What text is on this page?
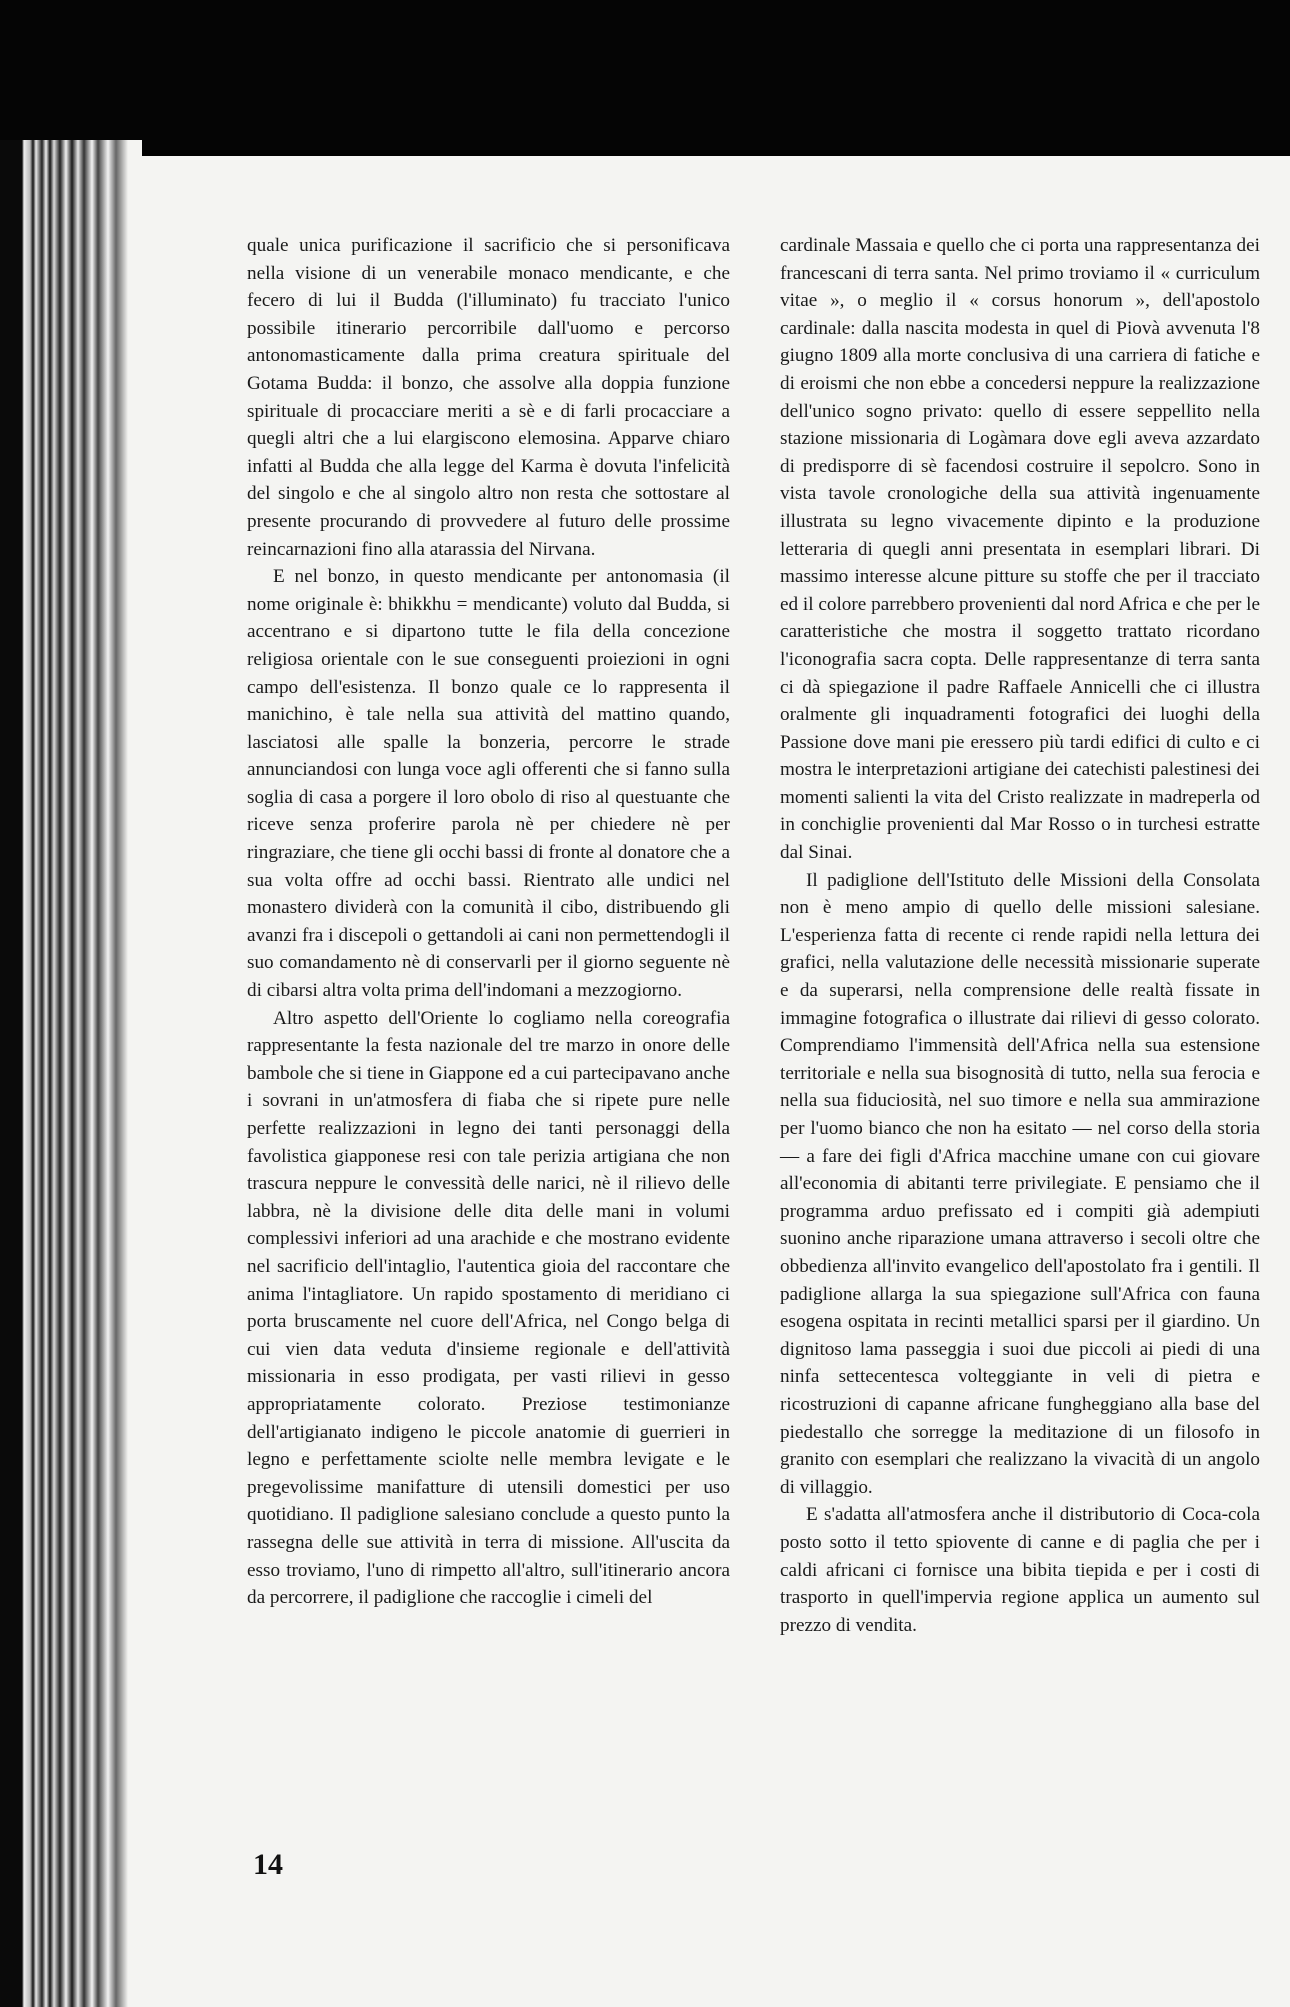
quale unica purificazione il sacrificio che si personificava nella visione di un venerabile monaco mendicante, e che fecero di lui il Budda (l'illuminato) fu tracciato l'unico possibile itinerario percorribile dall'uomo e percorso antonomasticamente dalla prima creatura spirituale del Gotama Budda: il bonzo, che assolve alla doppia funzione spirituale di procacciare meriti a sè e di farli procacciare a quegli altri che a lui elargiscono elemosina. Apparve chiaro infatti al Budda che alla legge del Karma è dovuta l'infelicità del singolo e che al singolo altro non resta che sottostare al presente procurando di provvedere al futuro delle prossime reincarnazioni fino alla atarassia del Nirvana.

E nel bonzo, in questo mendicante per antonomasia (il nome originale è: bhikkhu = mendicante) voluto dal Budda, si accentrano e si dipartono tutte le fila della concezione religiosa orientale con le sue conseguenti proiezioni in ogni campo dell'esistenza. Il bonzo quale ce lo rappresenta il manichino, è tale nella sua attività del mattino quando, lasciatosi alle spalle la bonzeria, percorre le strade annunciandosi con lunga voce agli offerenti che si fanno sulla soglia di casa a porgere il loro obolo di riso al questuante che riceve senza proferire parola nè per chiedere nè per ringraziare, che tiene gli occhi bassi di fronte al donatore che a sua volta offre ad occhi bassi. Rientrato alle undici nel monastero dividerà con la comunità il cibo, distribuendo gli avanzi fra i discepoli o gettandoli ai cani non permettendogli il suo comandamento nè di conservarli per il giorno seguente nè di cibarsi altra volta prima dell'indomani a mezzogiorno.

Altro aspetto dell'Oriente lo cogliamo nella coreografia rappresentante la festa nazionale del tre marzo in onore delle bambole che si tiene in Giappone ed a cui partecipavano anche i sovrani in un'atmosfera di fiaba che si ripete pure nelle perfette realizzazioni in legno dei tanti personaggi della favolistica giapponese resi con tale perizia artigiana che non trascura neppure le convessità delle narici, nè il rilievo delle labbra, nè la divisione delle dita delle mani in volumi complessivi inferiori ad una arachide e che mostrano evidente nel sacrificio dell'intaglio, l'autentica gioia del raccontare che anima l'intagliatore. Un rapido spostamento di meridiano ci porta bruscamente nel cuore dell'Africa, nel Congo belga di cui vien data veduta d'insieme regionale e dell'attività missionaria in esso prodigata, per vasti rilievi in gesso appropriatamente colorato. Preziose testimonianze dell'artigianato indigeno le piccole anatomie di guerrieri in legno e perfettamente sciolte nelle membra levigate e le pregevolissime manifatture di utensili domestici per uso quotidiano. Il padiglione salesiano conclude a questo punto la rassegna delle sue attività in terra di missione. All'uscita da esso troviamo, l'uno di rimpetto all'altro, sull'itinerario ancora da percorrere, il padiglione che raccoglie i cimeli del

cardinale Massaia e quello che ci porta una rappresentanza dei francescani di terra santa. Nel primo troviamo il « curriculum vitae », o meglio il « corsus honorum », dell'apostolo cardinale: dalla nascita modesta in quel di Piovà avvenuta l'8 giugno 1809 alla morte conclusiva di una carriera di fatiche e di eroismi che non ebbe a concedersi neppure la realizzazione dell'unico sogno privato: quello di essere seppellito nella stazione missionaria di Logàmara dove egli aveva azzardato di predisporre di sè facendosi costruire il sepolcro. Sono in vista tavole cronologiche della sua attività ingenuamente illustrata su legno vivacemente dipinto e la produzione letteraria di quegli anni presentata in esemplari librari. Di massimo interesse alcune pitture su stoffe che per il tracciato ed il colore parrebbero provenienti dal nord Africa e che per le caratteristiche che mostra il soggetto trattato ricordano l'iconografia sacra copta. Delle rappresentanze di terra santa ci dà spiegazione il padre Raffaele Annicelli che ci illustra oralmente gli inquadramenti fotografici dei luoghi della Passione dove mani pie eressero più tardi edifici di culto e ci mostra le interpretazioni artigiane dei catechisti palestinesi dei momenti salienti la vita del Cristo realizzate in madreperla od in conchiglie provenienti dal Mar Rosso o in turchesi estratte dal Sinai.

Il padiglione dell'Istituto delle Missioni della Consolata non è meno ampio di quello delle missioni salesiane. L'esperienza fatta di recente ci rende rapidi nella lettura dei grafici, nella valutazione delle necessità missionarie superate e da superarsi, nella comprensione delle realtà fissate in immagine fotografica o illustrate dai rilievi di gesso colorato. Comprendiamo l'immensità dell'Africa nella sua estensione territoriale e nella sua bisognosità di tutto, nella sua ferocia e nella sua fiduciosità, nel suo timore e nella sua ammirazione per l'uomo bianco che non ha esitato — nel corso della storia — a fare dei figli d'Africa macchine umane con cui giovare all'economia di abitanti terre privilegiate. E pensiamo che il programma arduo prefissato ed i compiti già adempiuti suonino anche riparazione umana attraverso i secoli oltre che obbedienza all'invito evangelico dell'apostolato fra i gentili. Il padiglione allarga la sua spiegazione sull'Africa con fauna esogena ospitata in recinti metallici sparsi per il giardino. Un dignitoso lama passeggia i suoi due piccoli ai piedi di una ninfa settecentesca volteggiante in veli di pietra e ricostruzioni di capanne africane funghеggiano alla base del piedestallo che sorregge la meditazione di un filosofo in granito con esemplari che realizzano la vivacità di un angolo di villaggio.

E s'adatta all'atmosfera anche il distributorio di Coca-cola posto sotto il tetto spiovente di canne e di paglia che per i caldi africani ci fornisce una bibita tiepida e per i costi di trasporto in quell'impervia regione applica un aumento sul prezzo di vendita.

14
